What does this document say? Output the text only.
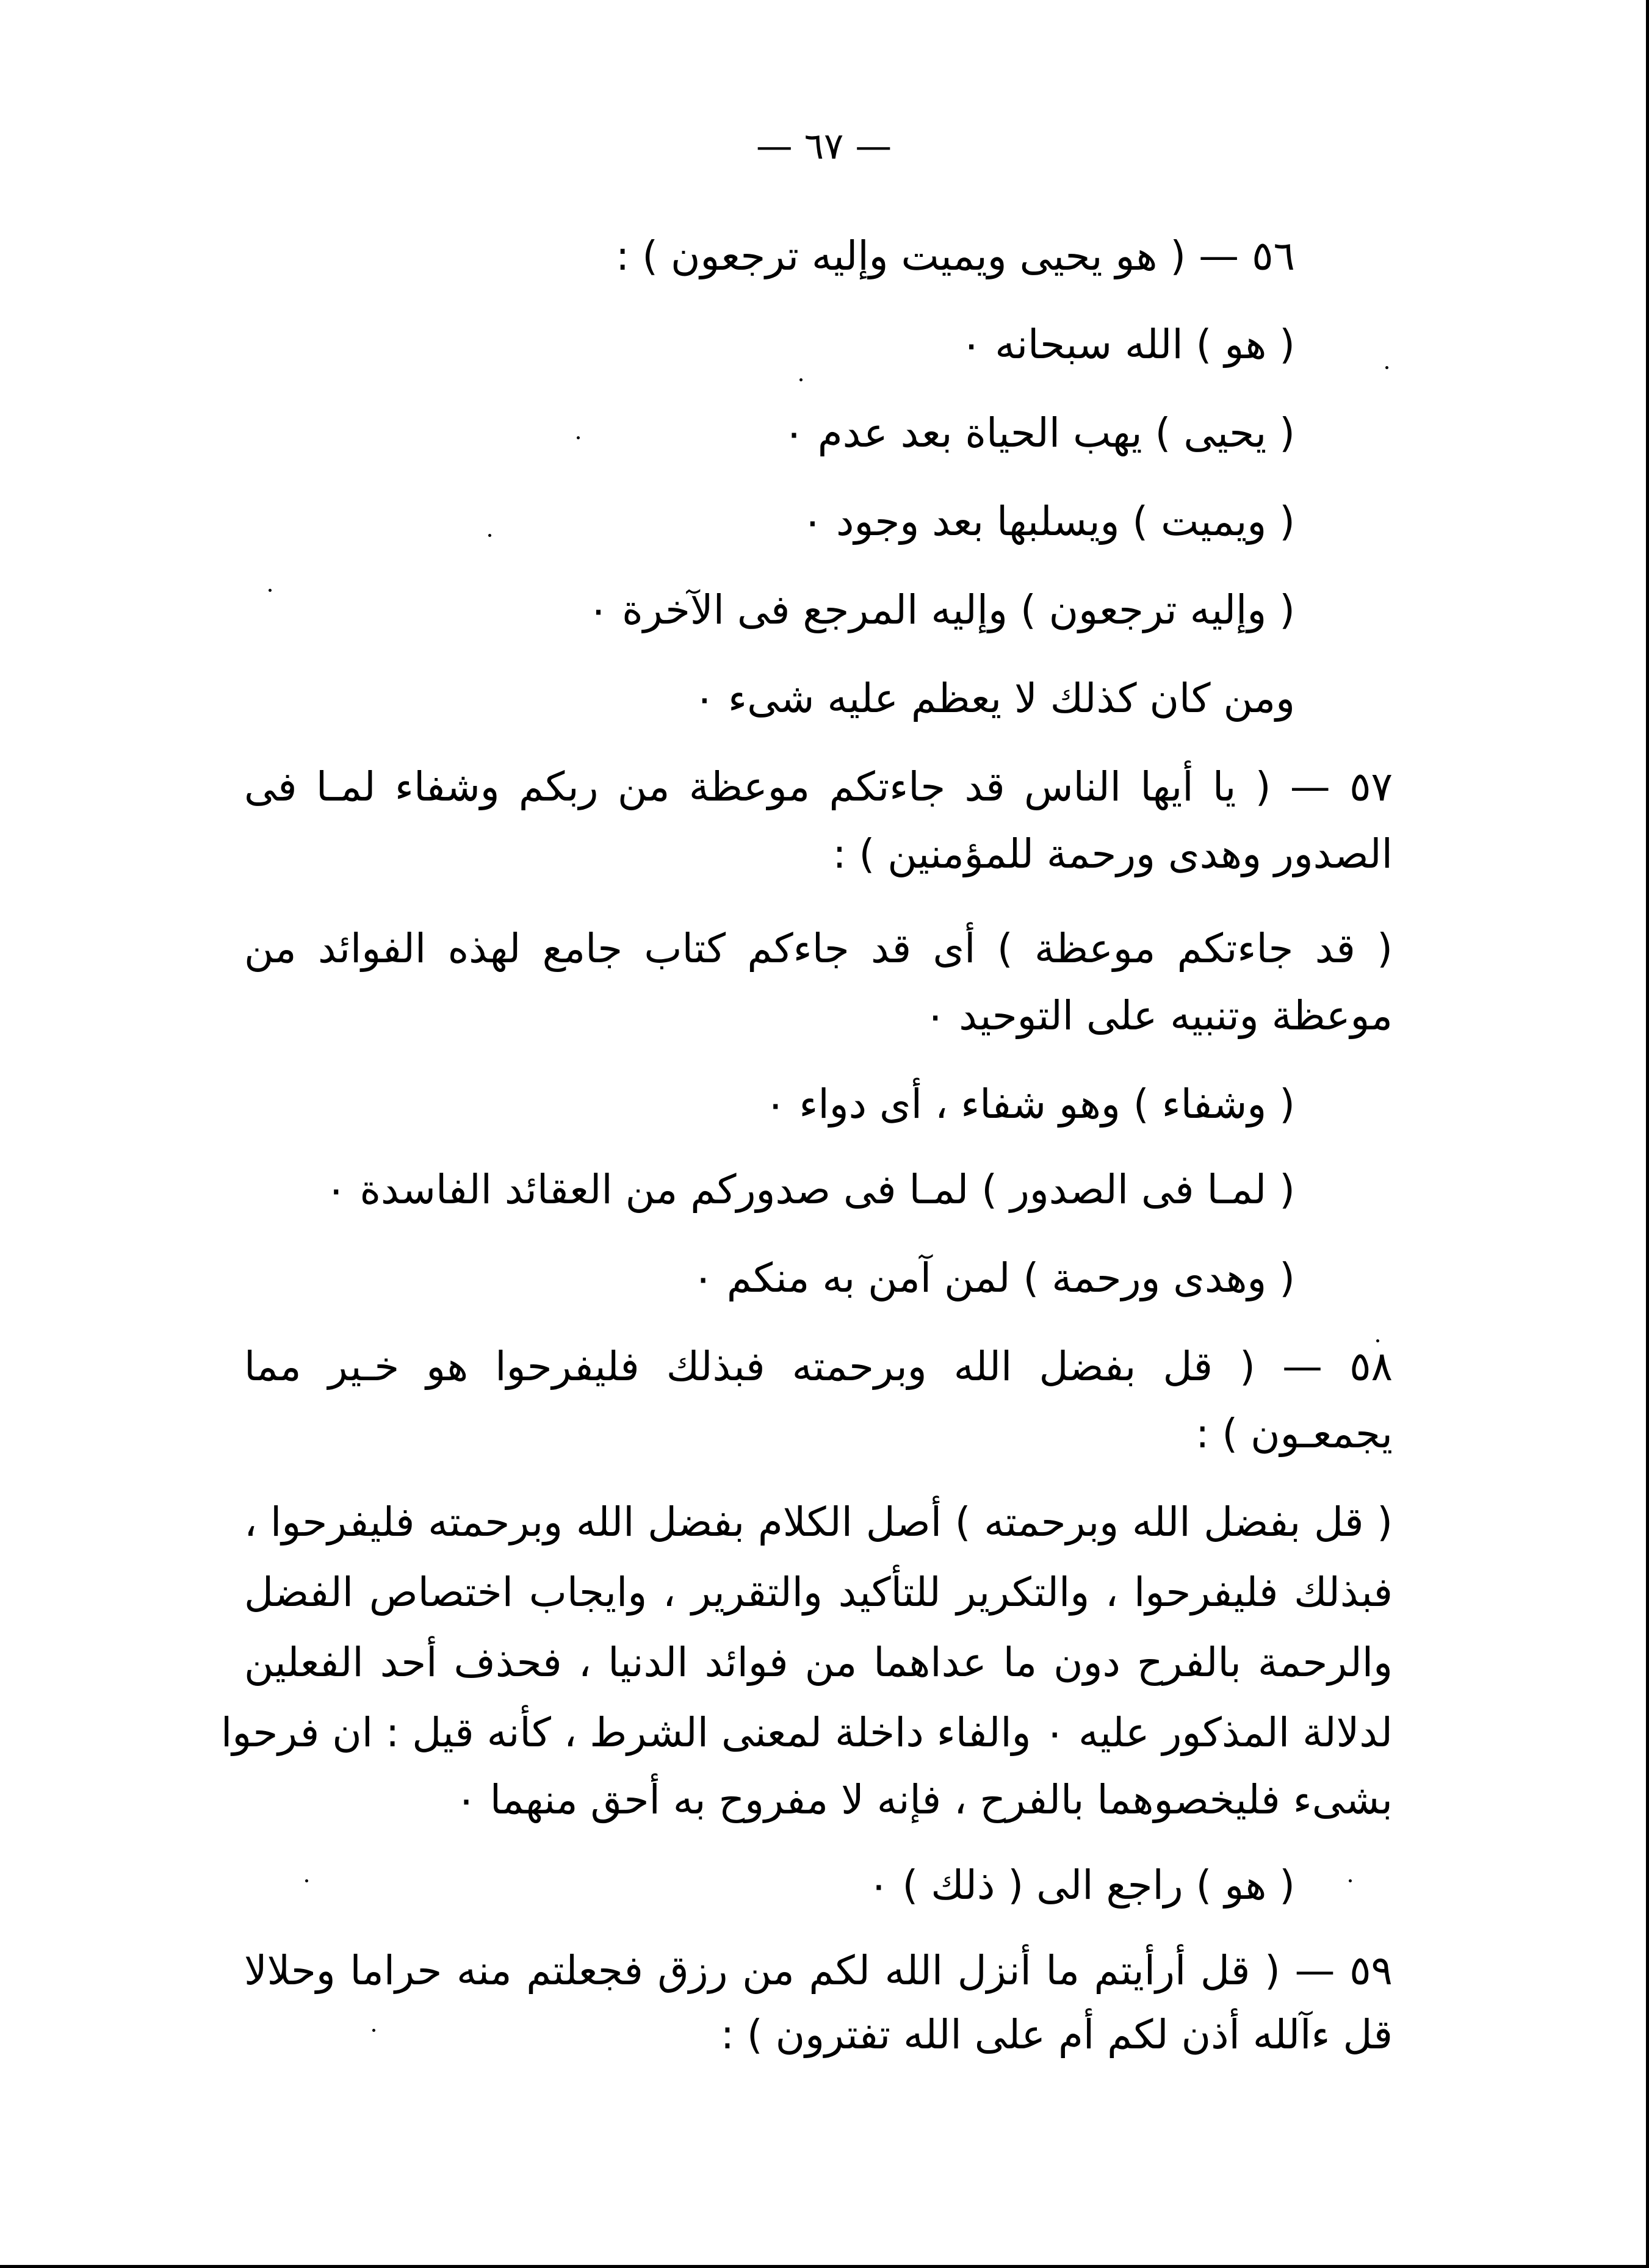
— ٦٧ —
٥٦ — ( هو يحيى ويميت وإليه ترجعون ) :
( هو ) الله سبحانه ٠
( يحيى ) يهب الحياة بعد عدم ٠
( ويميت ) ويسلبها بعد وجود ٠
( وإليه ترجعون ) وإليه المرجع فى الآخرة ٠
ومن كان كذلك لا يعظم عليه شىء ٠
٥٧ — ( يا أيها الناس قد جاءتكم موعظة من ربكم وشفاء لمـا فى
الصدور وهدى ورحمة للمؤمنين ) :
( قد جاءتكم موعظة ) أى قد جاءكم كتاب جامع لهذه الفوائد من
موعظة وتنبيه على التوحيد ٠
( وشفاء ) وهو شفاء ، أى دواء ٠
( لمـا فى الصدور ) لمـا فى صدوركم من العقائد الفاسدة ٠
( وهدى ورحمة ) لمن آمن به منكم ٠
٥٨ — ( قل بفضل الله وبرحمته فبذلك فليفرحوا هو خـير مما
يجمعـون ) :
( قل بفضل الله وبرحمته ) أصل الكلام بفضل الله وبرحمته فليفرحوا ،
فبذلك فليفرحوا ، والتكرير للتأكيد والتقرير ، وايجاب اختصاص الفضل
والرحمة بالفرح دون ما عداهما من فوائد الدنيا ، فحذف أحد الفعلين
لدلالة المذكور عليه ٠ والفاء داخلة لمعنى الشرط ، كأنه قيل : ان فرحوا
بشىء فليخصوهما بالفرح ، فإنه لا مفروح به أحق منهما ٠
( هو ) راجع الى ( ذلك ) ٠
٥٩ — ( قل أرأيتم ما أنزل الله لكم من رزق فجعلتم منه حراما وحلالا
قل ءآلله أذن لكم أم على الله تفترون ) :
